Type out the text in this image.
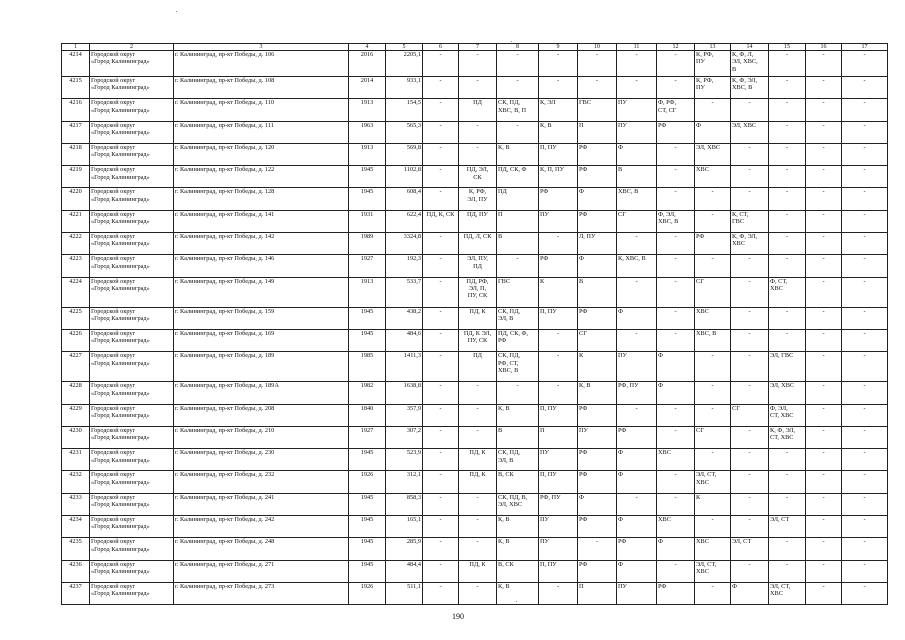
1	2	3	4	5	6	7	8	9	10	11	12	13	14	15	16	17
4214	Городской округ
«Город Калининград»	г. Калининград, пр-кт Победы, д. 106	2016	2205,1	-	-	-	-	-	-	-	К, РФ,
ПУ	К, Ф, Л,
ЭЛ, ХВС,
В	-	-	-
4215	Городской округ
«Город Калининград»	г. Калининград, пр-кт Победы, д. 108	2014	933,1	-	-	-	-	-	-	-	К, РФ,
ПУ	К, Ф, ЭЛ,
ХВС, В	-	-	-
4216	Городской округ
«Город Калининград»	г. Калининград, пр-кт Победы, д. 110	1913	154,5	-	ПД	СК, ПД,
ХВС, В, П	К, ЭЛ	ГВС	ПУ	Ф, РФ,
СТ, СГ	-	-	-	-	-
4217	Городской округ
«Город Калининград»	г. Калининград, пр-кт Победы, д. 111	1963	565,3	-	-	-	К, В	П	ПУ	РФ	Ф	ЭЛ, ХВС	-	-	-
4218	Городской округ
«Город Калининград»	г. Калининград, пр-кт Победы, д. 120	1913	569,8	-	-	К, В	П, ПУ	РФ	Ф	-	ЭЛ, ХВС	-	-	-	-
4219	Городской округ
«Город Калининград»	г. Калининград, пр-кт Победы, д. 122	1945	1102,8	-	ПД, ЭЛ,
СК	ПД, СК, Ф	К, П, ПУ	РФ	В	-	ХВС	-	-	-	-
4220	Городской округ
«Город Калининград»	г. Калининград, пр-кт Победы, д. 128	1945	608,4	-	К, РФ,
ЭЛ, ПУ	ПД	РФ	Ф	ХВС, В	-	-	-	-	-	-
4221	Городской округ
«Город Калининград»	г. Калининград, пр-кт Победы, д. 141	1931	622,4	ПД, К, СК	ПД, ПУ	П	ПУ	РФ	СГ	Ф, ЭЛ,
ХВС, В	-	К, СТ,
ГВС	-	-	-
4222	Городской округ
«Город Калининград»	г. Калининград, пр-кт Победы, д. 142	1989	3324,8	-	ПД, Л, СК	В	-	Л, ПУ	-	-	РФ	К, Ф, ЭЛ,
ХВС	-	-	-
4223	Городской округ
«Город Калининград»	г. Калининград, пр-кт Победы, д. 146	1927	192,3	-	ЭЛ, ПУ,
ПД	-	РФ	Ф	К, ХВС, В	-	-	-	-	-	-
4224	Городской округ
«Город Калининград»	г. Калининград, пр-кт Победы, д. 149	1913	533,7	-	ПД, РФ,
ЭЛ, П,
ПУ, СК	ГВС	К	В	-	-	СГ	-	Ф, СТ,
ХВС	-	-
4225	Городской округ
«Город Калининград»	г. Калининград, пр-кт Победы, д. 159	1945	438,2	-	ПД, К	СК, ПД,
ЭЛ, В	П, ПУ	РФ	Ф	-	ХВС	-	-	-	-
4226	Городской округ
«Город Калининград»	г. Калининград, пр-кт Победы, д. 169	1945	484,6	-	ПД, К ЭЛ,
ПУ, СК	ПД, СК, Ф,
РФ	-	СГ	-	-	ХВС, В	-	-	-	-
4227	Городской округ
«Город Калининград»	г. Калининград, пр-кт Победы, д. 189	1985	1411,3	-	ПД	СК, ПД,
РФ, СТ,
ХВС, В	-	К	ПУ	Ф	-	-	ЭЛ, ГВС	-	-
4228	Городской округ
«Город Калининград»	г. Калининград, пр-кт Победы, д. 189А	1982	1638,8	-	-	-	-	К, В	РФ, ПУ	Ф	-	-	ЭЛ, ХВС	-	-
4229	Городской округ
«Город Калининград»	г. Калининград, пр-кт Победы, д. 208	1840	357,9	-	-	К, В	П, ПУ	РФ	-	-	-	СГ	Ф, ЭЛ,
СТ, ХВС	-	-
4230	Городской округ
«Город Калининград»	г. Калининград, пр-кт Победы, д. 210	1927	307,2	-	-	В	П	ПУ	РФ	-	СГ	-	К, Ф, ЭЛ,
СТ, ХВС	-	-
4231	Городской округ
«Город Калининград»	г. Калининград, пр-кт Победы, д. 230	1945	523,9	-	ПД, К	СК, ПД,
ЭЛ, В	ПУ	РФ	Ф	ХВС	-	-	-	-	-
4232	Городской округ
«Город Калининград»	г. Калининград, пр-кт Победы, д. 232	1926	312,1	-	ПД, К	В, СК	П, ПУ	РФ	Ф	-	ЭЛ, СТ,
ХВС	-	-	-	-
4233	Городской округ
«Город Калининград»	г. Калининград, пр-кт Победы, д. 241	1945	858,3	-	-	СК, ПД, В,
ЭЛ, ХВС	РФ, ПУ	Ф	-	-	К	-	-	-	-
4234	Городской округ
«Город Калининград»	г. Калининград, пр-кт Победы, д. 242	1945	165,1	-	-	К, В	ПУ	РФ	Ф	ХВС	-	-	ЭЛ, СТ	-	-
4235	Городской округ
«Город Калининград»	г. Калининград, пр-кт Победы, д. 248	1945	285,9	-	-	К, В	ПУ	-	РФ	Ф	ХВС	ЭЛ, СТ	-	-	-
4236	Городской округ
«Город Калининград»	г. Калининград, пр-кт Победы, д. 271	1945	484,4	-	ПД, К	В, СК	П, ПУ	РФ	Ф	-	ЭЛ, СТ,
ХВС	-	-	-	-
4237	Городской округ
«Город Калининград»	г. Калининград, пр-кт Победы, д. 273	1926	511,1	-	-	К, В	-	П	ПУ	РФ	-	Ф	ЭЛ, СТ,
ХВС	-	-
190
